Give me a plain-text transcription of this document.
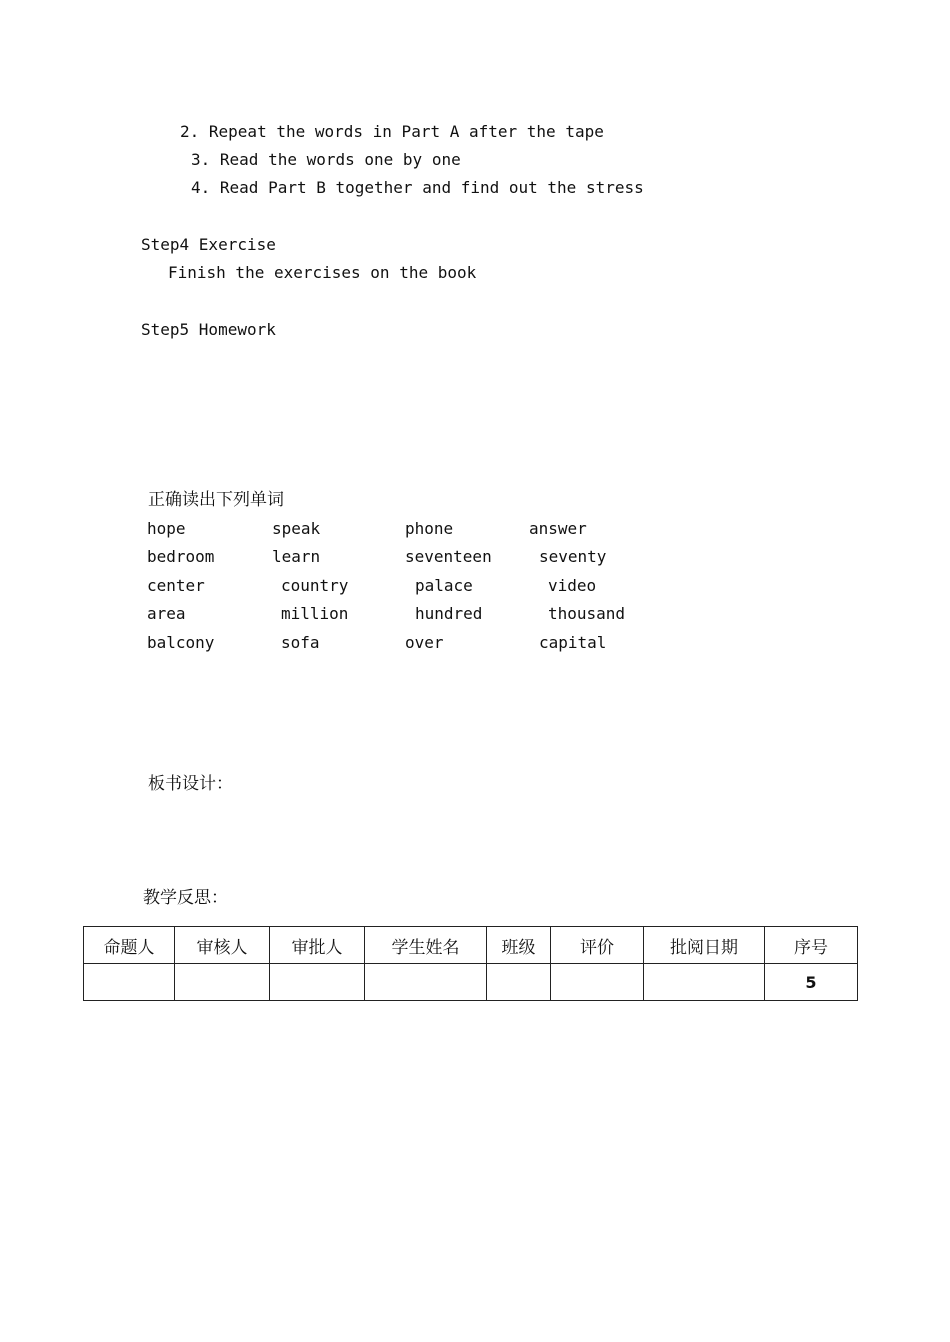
2. Repeat the words in Part A after the tape
3. Read the words one by one
4. Read Part B together and find out the stress
Step4 Exercise
Finish the exercises on the book
Step5 Homework
正确读出下列单词
hope	speak	phone	answer
bedroom	learn	seventeen	seventy
center	country	palace	video
area	million	hundred	thousand
balcony	sofa	over	capital
板书设计：
教学反思：
命题人	审核人	审批人	学生姓名	班级	评价	批阅日期	序号
							5
